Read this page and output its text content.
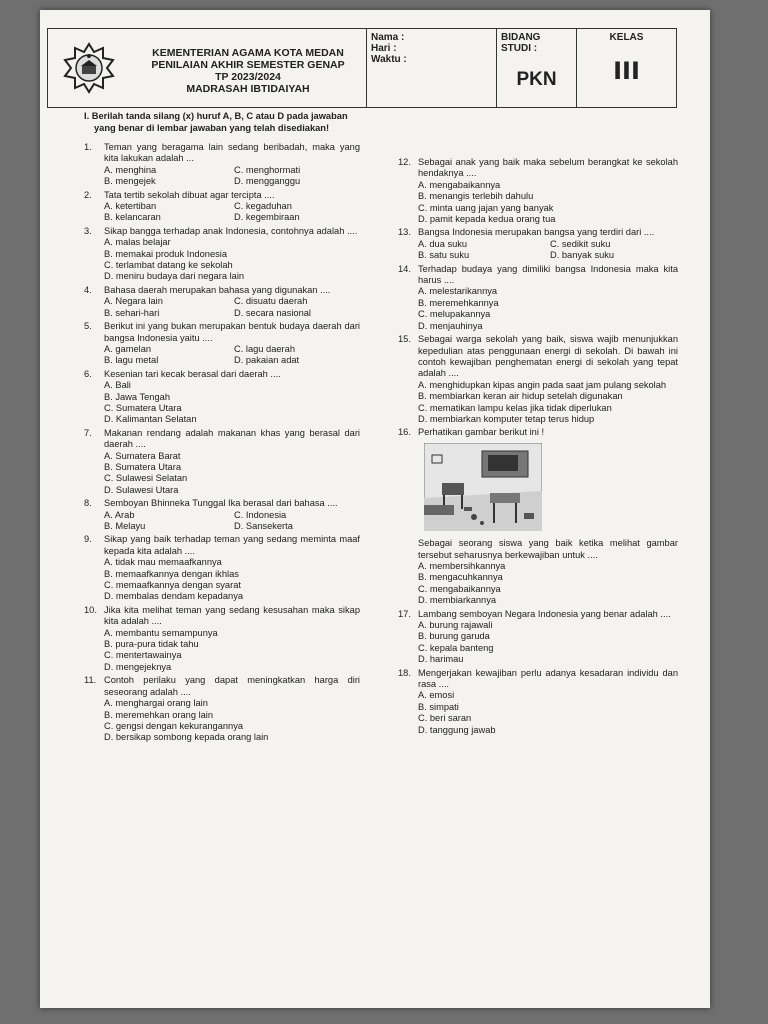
KEMENTERIAN AGAMA KOTA MEDAN
PENILAIAN AKHIR SEMESTER GENAP
TP 2023/2024
MADRASAH IBTIDAIYAH
Nama :
Hari :
Waktu :
BIDANG STUDI :
PKN
KELAS
III
I. Berilah tanda silang (x) huruf A, B, C atau D pada jawaban yang benar di lembar jawaban yang telah disediakan!
1.	Teman yang beragama lain sedang beribadah, maka yang kita lakukan adalah ...
A. menghina	C. menghormati
B. mengejek	D. mengganggu
2.	Tata tertib sekolah dibuat agar tercipta ....
A. ketertiban	C. kegaduhan
B. kelancaran	D. kegembiraan
3.	Sikap bangga terhadap anak Indonesia, contohnya adalah ....
A. malas belajar
B. memakai produk Indonesia
C. terlambat datang ke sekolah
D. meniru budaya dari negara lain
4.	Bahasa daerah merupakan bahasa yang digunakan ....
A. Negara lain	C. disuatu daerah
B. sehari-hari	D. secara nasional
5.	Berikut ini yang bukan merupakan bentuk budaya daerah dari bangsa Indonesia yaitu ....
A. gamelan	C. lagu daerah
B. lagu metal	D. pakaian adat
6.	Kesenian tari kecak berasal dari daerah ....
A. Bali
B. Jawa Tengah
C. Sumatera Utara
D. Kalimantan Selatan
7.	Makanan rendang adalah makanan khas yang berasal dari daerah ....
A. Sumatera Barat
B. Sumatera Utara
C. Sulawesi Selatan
D. Sulawesi Utara
8.	Semboyan Bhinneka Tunggal Ika berasal dari bahasa ....
A. Arab	C. Indonesia
B. Melayu	D. Sansekerta
9.	Sikap yang baik terhadap teman yang sedang meminta maaf kepada kita adalah ....
A. tidak mau memaafkannya
B. memaafkannya dengan ikhlas
C. memaafkannya dengan syarat
D. membalas dendam kepadanya
10. Jika kita melihat teman yang sedang kesusahan maka sikap kita adalah ....
A. membantu semampunya
B. pura-pura tidak tahu
C. mentertawainya
D. mengejeknya
11. Contoh perilaku yang dapat meningkatkan harga diri seseorang adalah ....
A. menghargai orang lain
B. meremehkan orang lain
C. gengsi dengan kekurangannya
D. bersikap sombong kepada orang lain
12. Sebagai anak yang baik maka sebelum berangkat ke sekolah hendaknya ....
A. mengabaikannya
B. menangis terlebih dahulu
C. minta uang jajan yang banyak
D. pamit kepada kedua orang tua
13. Bangsa Indonesia merupakan bangsa yang terdiri dari ....
A. dua suku	C. sedikit suku
B. satu suku	D. banyak suku
14. Terhadap budaya yang dimiliki bangsa Indonesia maka kita harus ....
A. melestarikannya
B. meremehkannya
C. melupakannya
D. menjauhinya
15. Sebagai warga sekolah yang baik, siswa wajib menunjukkan kepedulian atas penggunaan energi di sekolah. Di bawah ini contoh kewajiban penghematan energi di sekolah yang tepat adalah ....
A. menghidupkan kipas angin pada saat jam pulang sekolah
B. membiarkan keran air hidup setelah digunakan
C. mematikan lampu kelas jika tidak diperlukan
D. membiarkan komputer tetap terus hidup
16. Perhatikan gambar berikut ini !
Sebagai seorang siswa yang baik ketika melihat gambar tersebut seharusnya berkewajiban untuk ....
A. membersihkannya
B. mengacuhkannya
C. mengabaikannya
D. membiarkannya
17. Lambang semboyan Negara Indonesia yang benar adalah ....
A. burung rajawali
B. burung garuda
C. kepala banteng
D. harimau
18. Mengerjakan kewajiban perlu adanya kesadaran individu dan rasa ....
A. emosi
B. simpati
C. beri saran
D. tanggung jawab
